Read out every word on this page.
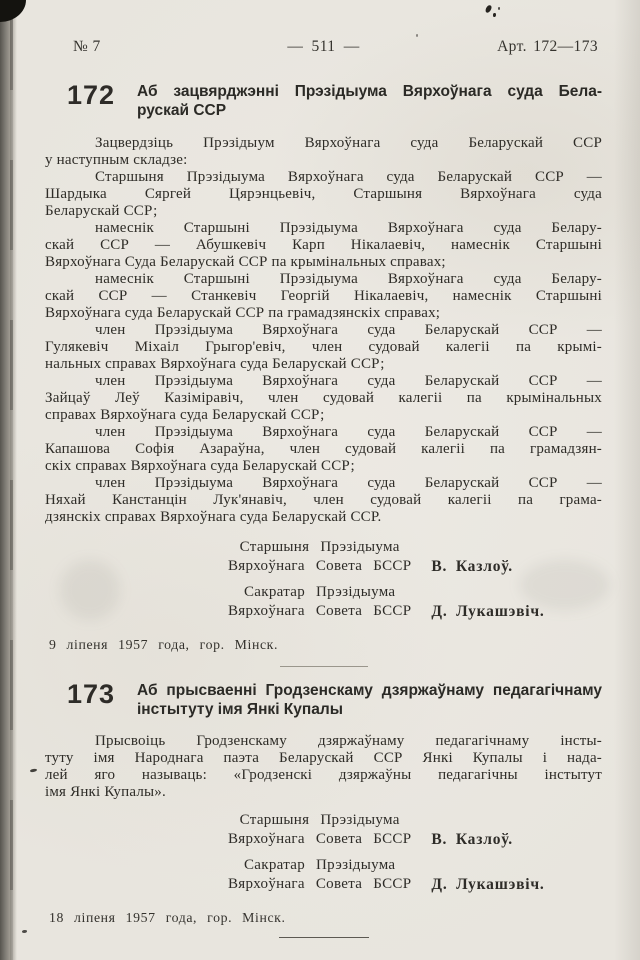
№ 7	— 511 —	Арт. 172—173
172 Аб зацвярджэнні Прэзідыума Вярхоўнага суда Бела-
рускай ССР
Зацвердзіць Прэзідыум Вярхоўнага суда Беларускай ССР
у наступным складзе:
Старшыня Прэзідыума Вярхоўнага суда Беларускай ССР —
Шардыка Сяргей Цярэнцьевіч, Старшыня Вярхоўнага суда
Беларускай ССР;
намеснік Старшыні Прэзідыума Вярхоўнага суда Белару-
скай ССР — Абушкевіч Карп Нікалаевіч, намеснік Старшыні
Вярхоўнага Суда Беларускай ССР па крымінальных справах;
намеснік Старшыні Прэзідыума Вярхоўнага суда Белару-
скай ССР — Станкевіч Георгій Нікалаевіч, намеснік Старшыні
Вярхоўнага суда Беларускай ССР па грамадзянскіх справах;
член Прэзідыума Вярхоўнага суда Беларускай ССР —
Гулякевіч Міхаіл Грыгор'евіч, член судовай калегіі па крымі-
нальных справах Вярхоўнага суда Беларускай ССР;
член Прэзідыума Вярхоўнага суда Беларускай ССР —
Зайцаў Леў Казіміравіч, член судовай калегіі па крымінальных
справах Вярхоўнага суда Беларускай ССР;
член Прэзідыума Вярхоўнага суда Беларускай ССР —
Капашова Софія Азараўна, член судовай калегіі па грамадзян-
скіх справах Вярхоўнага суда Беларускай ССР;
член Прэзідыума Вярхоўнага суда Беларускай ССР —
Няхай Канстанцін Лук'янавіч, член судовай калегіі па грама-
дзянскіх справах Вярхоўнага суда Беларускай ССР.
Старшыня Прэзідыума
Вярхоўнага Совета БССР В. Казлоў.
Сакратар Прэзідыума
Вярхоўнага Совета БССР Д. Лукашэвіч.
9 ліпеня 1957 года, гор. Мінск.
173 Аб прысваенні Гродзенскаму дзяржаўнаму педагагічнаму
інстытуту імя Янкі Купалы
Прысвоіць Гродзенскаму дзяржаўнаму педагагічнаму інсты-
туту імя Народнага паэта Беларускай ССР Янкі Купалы і нада-
лей яго называць: «Гродзенскі дзяржаўны педагагічны інстытут
імя Янкі Купалы».
Старшыня Прэзідыума
Вярхоўнага Совета БССР В. Казлоў.
Сакратар Прэзідыума
Вярхоўнага Совета БССР Д. Лукашэвіч.
18 ліпеня 1957 года, гор. Мінск.
